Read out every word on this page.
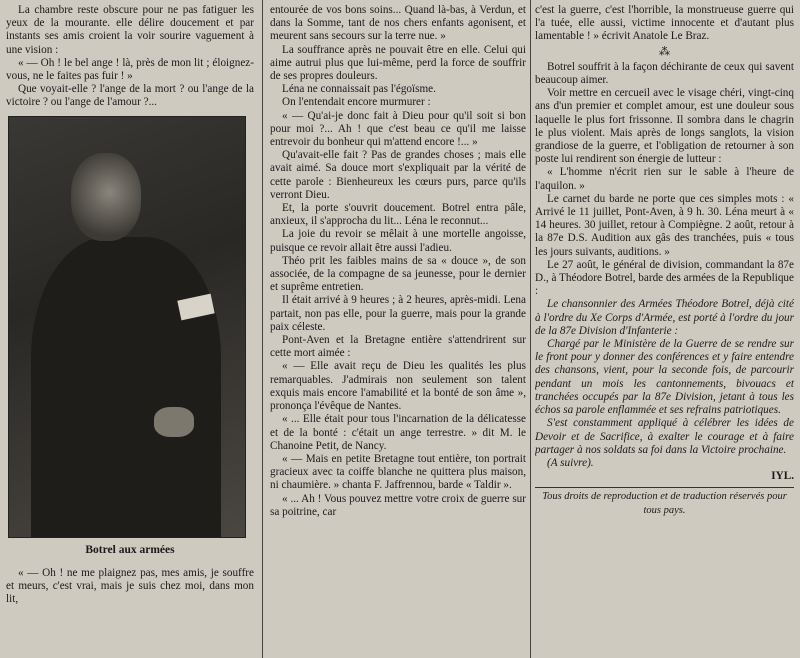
La chambre reste obscure pour ne pas fatiguer les yeux de la mourante. elle délire doucement et par instants ses amis croient la voir sourire vaguement à une vision :

« — Oh ! le bel ange ! là, près de mon lit ; éloignez-vous, ne le faites pas fuir ! »

Que voyait-elle ? l'ange de la mort ? ou l'ange de la victoire ? ou l'ange de l'amour ?...

Botrel aux armées

« — Oh ! ne me plaignez pas, mes amis, je souffre et meurs, c'est vrai, mais je suis chez moi, dans mon lit,

entourée de vos bons soins... Quand là-bas, à Verdun, et dans la Somme, tant de nos chers enfants agonisent, et meurent sans secours sur la terre nue. »

La souffrance après ne pouvait être en elle. Celui qui aime autrui plus que lui-même, perd la force de souffrir de ses propres douleurs.

Léna ne connaissait pas l'égoïsme.

On l'entendait encore murmurer :

« — Qu'ai-je donc fait à Dieu pour qu'il soit si bon pour moi ?... Ah ! que c'est beau ce qu'il me laisse entrevoir du bonheur qui m'attend encore !... »

Qu'avait-elle fait ? Pas de grandes choses ; mais elle avait aimé. Sa douce mort s'expliquait par la vérité de cette parole : Bienheureux les cœurs purs, parce qu'ils verront Dieu.

Et, la porte s'ouvrit doucement. Botrel entra pâle, anxieux, il s'approcha du lit... Léna le reconnut...

La joie du revoir se mêlait à une mortelle angoisse, puisque ce revoir allait être aussi l'adieu.

Théo prit les faibles mains de sa « douce », de son associée, de la compagne de sa jeunesse, pour le dernier et suprême entretien.

Il était arrivé à 9 heures ; à 2 heures, après-midi. Lena partait, non pas elle, pour la guerre, mais pour la grande paix céleste.

Pont-Aven et la Bretagne entière s'attendrirent sur cette mort aimée :

« — Elle avait reçu de Dieu les qualités les plus remarquables. J'admirais non seulement son talent exquis mais encore l'amabilité et la bonté de son âme », prononça l'évêque de Nantes.

« ... Elle était pour tous l'incarnation de la délicatesse et de la bonté : c'était un ange terrestre. » dit M. le Chanoine Petit, de Nancy.

« — Mais en petite Bretagne tout entière, ton portrait gracieux avec ta coiffe blanche ne quittera plus maison, ni chaumière. » chanta F. Jaffrennou, barde « Taldir ».

« ... Ah ! Vous pouvez mettre votre croix de guerre sur sa poitrine, car

c'est la guerre, c'est l'horrible, la monstrueuse guerre qui l'a tuée, elle aussi, victime innocente et d'autant plus lamentable ! » écrivit Anatole Le Braz.

⁂

Botrel souffrit à la façon déchirante de ceux qui savent beaucoup aimer.

Voir mettre en cercueil avec le visage chéri, vingt-cinq ans d'un premier et complet amour, est une douleur sous laquelle le plus fort frissonne. Il sombra dans le chagrin le plus violent. Mais après de longs sanglots, la vision grandiose de la guerre, et l'obligation de retourner à son poste lui rendirent son énergie de lutteur :

« L'homme n'écrit rien sur le sable à l'heure de l'aquilon. »

Le carnet du barde ne porte que ces simples mots : « Arrivé le 11 juillet, Pont-Aven, à 9 h. 30. Léna meurt à « 14 heures. 30 juillet, retour à Compiègne. 2 août, retour à la 87e D.S. Audition aux gâs des tranchées, puis « tous les jours suivants, auditions. »

Le 27 août, le général de division, commandant la 87e D., à Théodore Botrel, barde des armées de la Republique :

Le chansonnier des Armées Théodore Botrel, déjà cité à l'ordre du Xe Corps d'Armée, est porté à l'ordre du jour de la 87e Division d'Infanterie :

Chargé par le Ministère de la Guerre de se rendre sur le front pour y donner des conférences et y faire entendre des chansons, vient, pour la seconde fois, de parcourir pendant un mois les cantonnements, bivouacs et tranchées occupés par la 87e Division, jetant à tous les échos sa parole enflammée et ses refrains patriotiques.

S'est constamment appliqué à célébrer les idées de Devoir et de Sacrifice, à exalter le courage et à faire partager à nos soldats sa foi dans la Victoire prochaine.

(A suivre).

IYL.

Tous droits de reproduction et de traduction réservés pour tous pays.
